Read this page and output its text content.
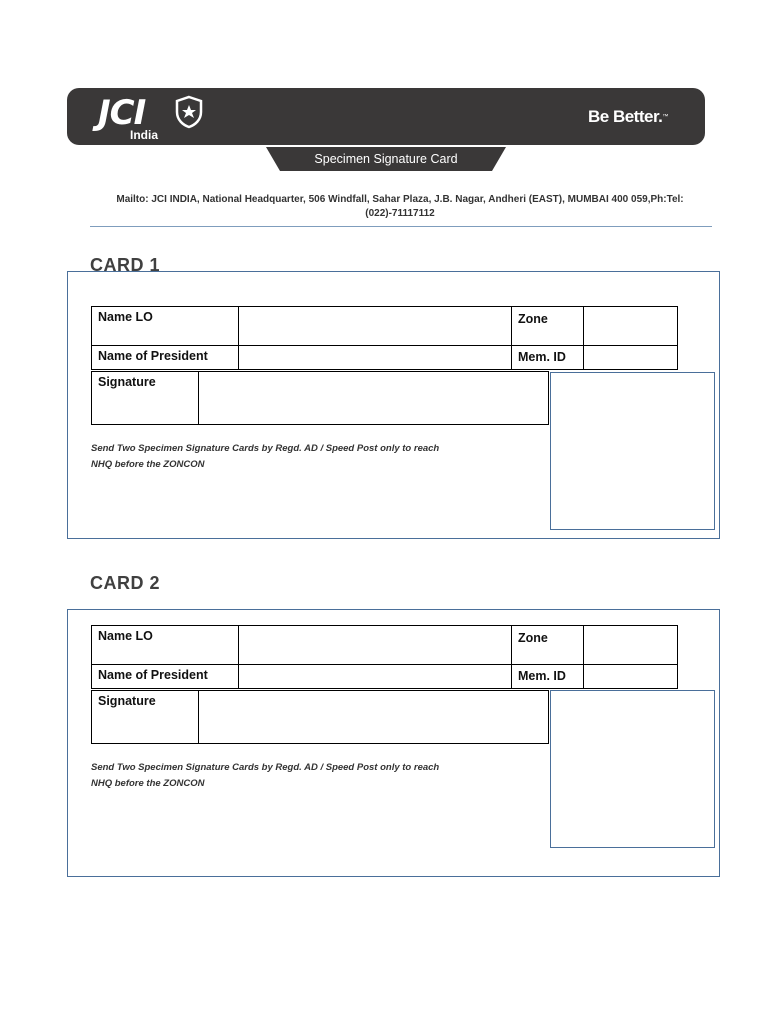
JCI
India
Be Better.™
Specimen Signature Card
Mailto: JCI INDIA, National Headquarter, 506 Windfall, Sahar Plaza, J.B. Nagar, Andheri (EAST), MUMBAI 400 059,Ph:Tel: (022)-71117112
CARD 1
Name LO	Zone
Name of President	Mem. ID
Signature
Send Two Specimen Signature Cards by Regd. AD / Speed Post only to reach
NHQ before the ZONCON
CARD 2
Name LO	Zone
Name of President	Mem. ID
Signature
Send Two Specimen Signature Cards by Regd. AD / Speed Post only to reach
NHQ before the ZONCON
